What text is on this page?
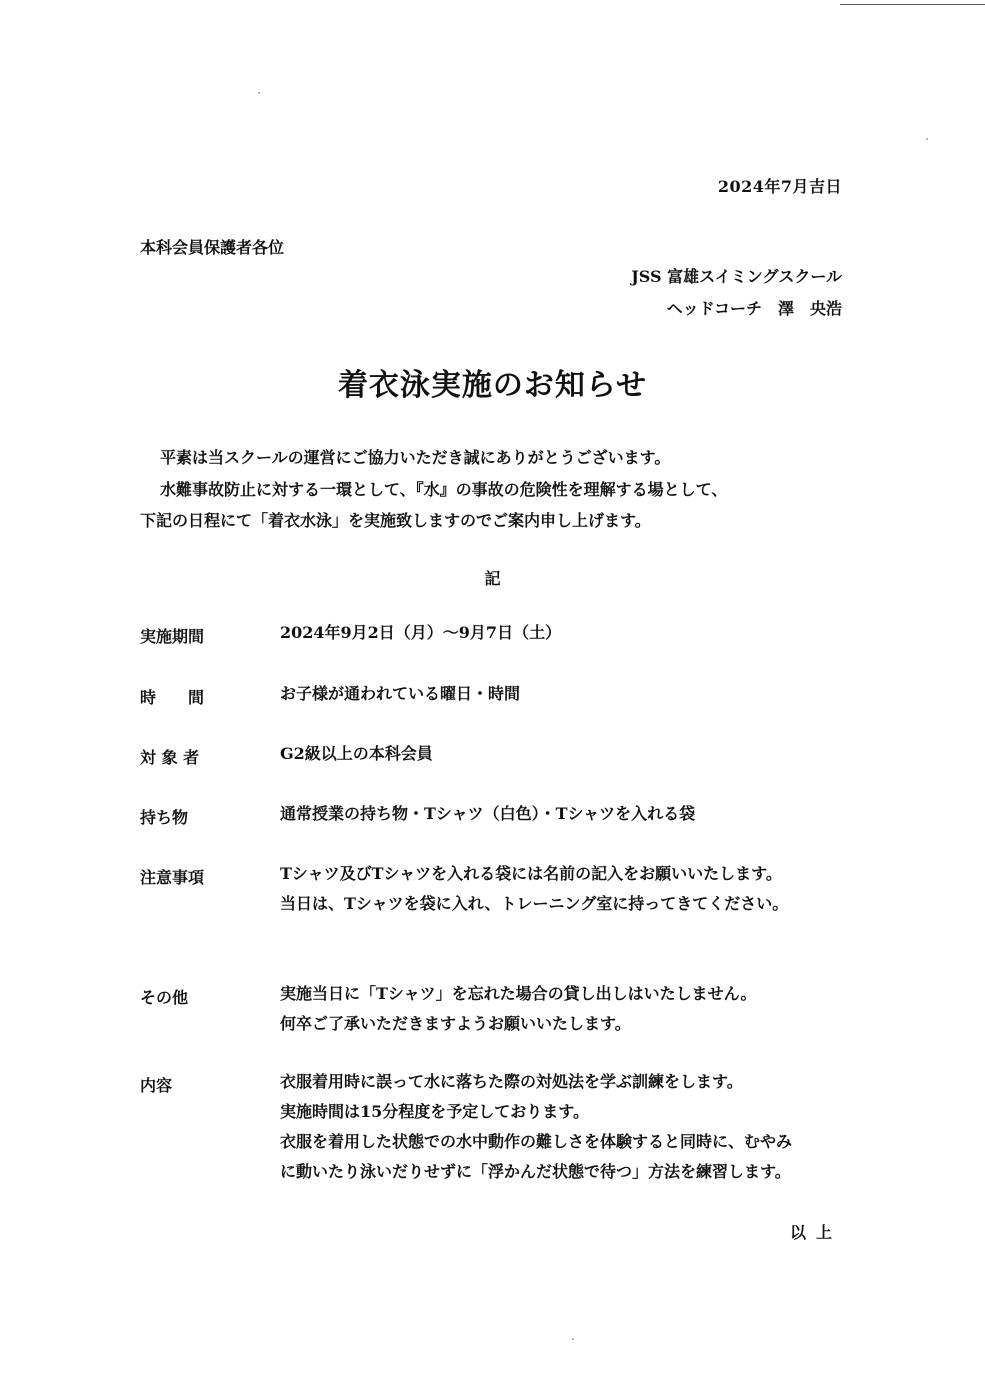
2024年7月吉日
本科会員保護者各位
JSS 富雄スイミングスクール
ヘッドコーチ　澤　央浩
着衣泳実施のお知らせ
平素は当スクールの運営にご協力いただき誠にありがとうございます。
水難事故防止に対する一環として、『水』の事故の危険性を理解する場として、
下記の日程にて「着衣水泳」を実施致しますのでご案内申し上げます。
記
実施期間	2024年9月2日（月）～9月7日（土）
時　　間	お子様が通われている曜日・時間
対 象 者	G2級以上の本科会員
持ち物	通常授業の持ち物・Tシャツ（白色）・Tシャツを入れる袋
注意事項	Tシャツ及びTシャツを入れる袋には名前の記入をお願いいたします。
当日は、Tシャツを袋に入れ、トレーニング室に持ってきてください。
その他	実施当日に「Tシャツ」を忘れた場合の貸し出しはいたしません。
何卒ご了承いただきますようお願いいたします。
内容	衣服着用時に誤って水に落ちた際の対処法を学ぶ訓練をします。
実施時間は15分程度を予定しております。
衣服を着用した状態での水中動作の難しさを体験すると同時に、むやみ
に動いたり泳いだりせずに「浮かんだ状態で待つ」方法を練習します。
以上
